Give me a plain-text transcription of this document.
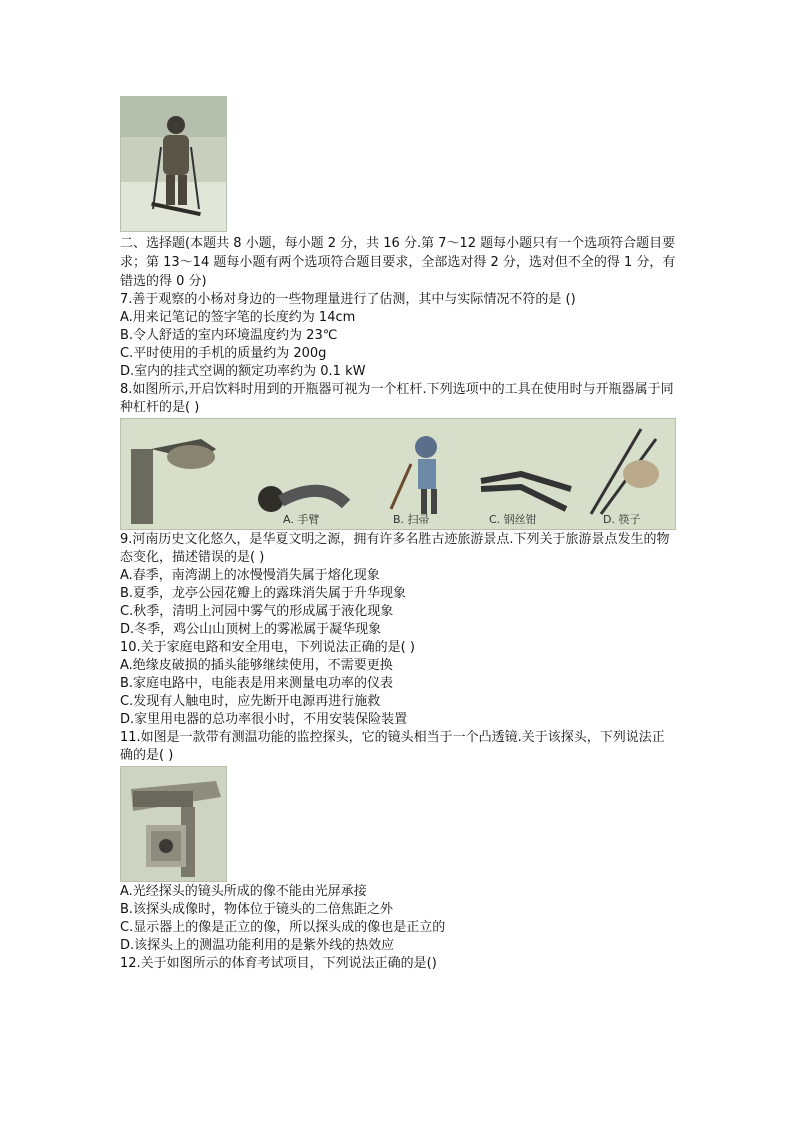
二、选择题(本题共 8 小题，每小题 2 分，共 16 分.第 7～12 题每小题只有一个选项符合题目要求；第 13～14 题每小题有两个选项符合题目要求，全部选对得 2 分，选对但不全的得 1 分，有错选的得 0 分)
7.善于观察的小杨对身边的一些物理量进行了估测，其中与实际情况不符的是 ()
A.用来记笔记的签字笔的长度约为 14cm
B.令人舒适的室内环境温度约为 23℃
C.平时使用的手机的质量约为 200g
D.室内的挂式空调的额定功率约为 0.1 kW
8.如图所示,开启饮料时用到的开瓶器可视为一个杠杆.下列选项中的工具在使用时与开瓶器属于同种杠杆的是( )
A. 手臂	B. 扫帚	C. 钢丝钳	D. 筷子
9.河南历史文化悠久，是华夏文明之源，拥有许多名胜古迹旅游景点.下列关于旅游景点发生的物态变化，描述错误的是( )
A.春季，南湾湖上的冰慢慢消失属于熔化现象
B.夏季，龙亭公园花瓣上的露珠消失属于升华现象
C.秋季，清明上河园中雾气的形成属于液化现象
D.冬季，鸡公山山顶树上的雾凇属于凝华现象
10.关于家庭电路和安全用电，下列说法正确的是( )
A.绝缘皮破损的插头能够继续使用，不需要更换
B.家庭电路中，电能表是用来测量电功率的仪表
C.发现有人触电时，应先断开电源再进行施救
D.家里用电器的总功率很小时，不用安装保险装置
11.如图是一款带有测温功能的监控探头，它的镜头相当于一个凸透镜.关于该探头，下列说法正确的是( )
A.光经探头的镜头所成的像不能由光屏承接
B.该探头成像时，物体位于镜头的二倍焦距之外
C.显示器上的像是正立的像，所以探头成的像也是正立的
D.该探头上的测温功能利用的是紫外线的热效应
12.关于如图所示的体育考试项目，下列说法正确的是()
